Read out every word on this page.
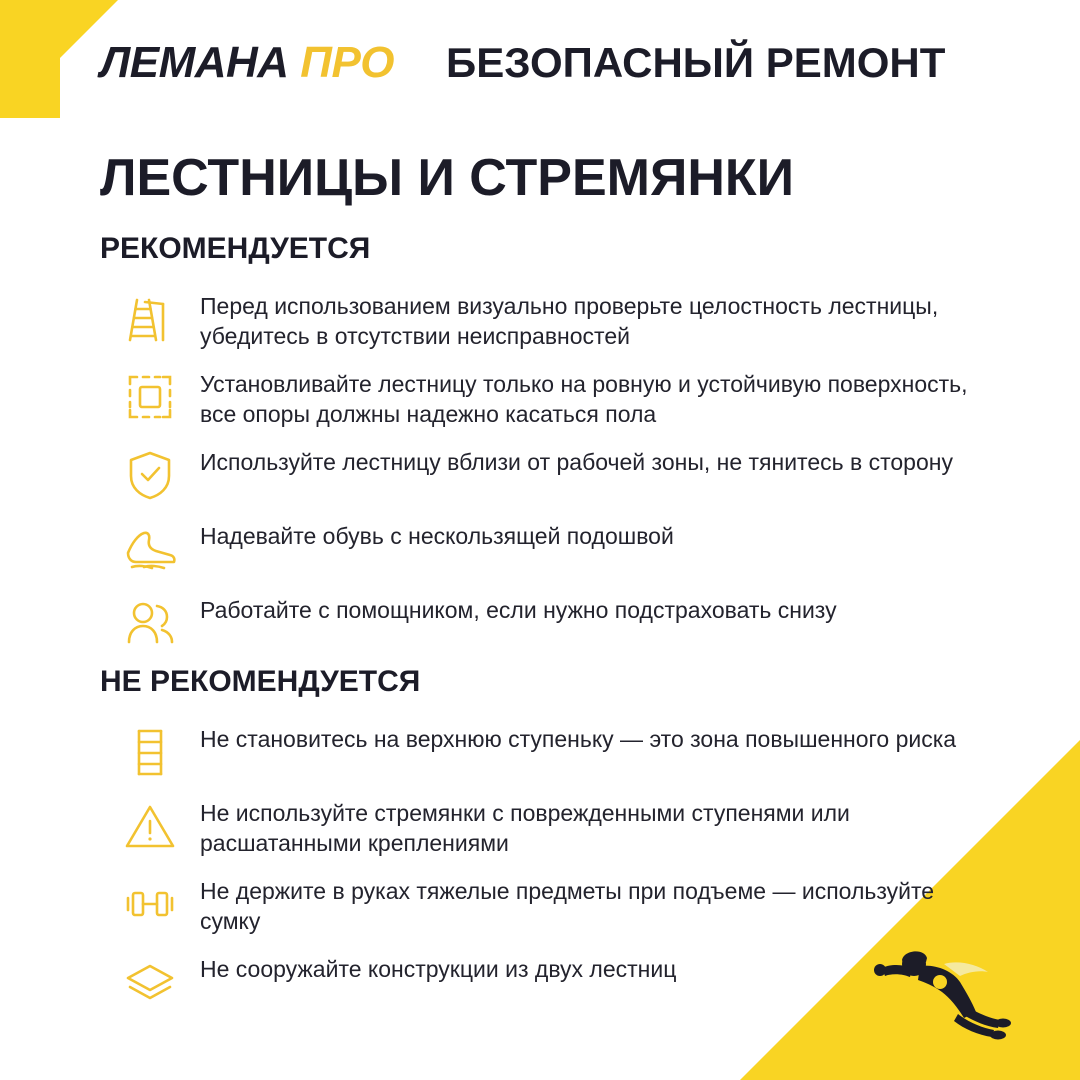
ЛЕМАНА ПРО БЕЗОПАСНЫЙ РЕМОНТ
ЛЕСТНИЦЫ И СТРЕМЯНКИ
РЕКОМЕНДУЕТСЯ
Перед использованием визуально проверьте целостность лестницы, убедитесь в отсутствии неисправностей
Установливайте лестницу только на ровную и устойчивую поверхность, все опоры должны надежно касаться пола
Используйте лестницу вблизи от рабочей зоны, не тянитесь в сторону
Надевайте обувь с нескользящей подошвой
Работайте с помощником, если нужно подстраховать снизу
НЕ РЕКОМЕНДУЕТСЯ
Не становитесь на верхнюю ступеньку — это зона повышенного риска
Не используйте стремянки с поврежденными ступенями или расшатанными креплениями
Не держите в руках тяжелые предметы при подъеме — используйте сумку
Не сооружайте конструкции из двух лестниц
